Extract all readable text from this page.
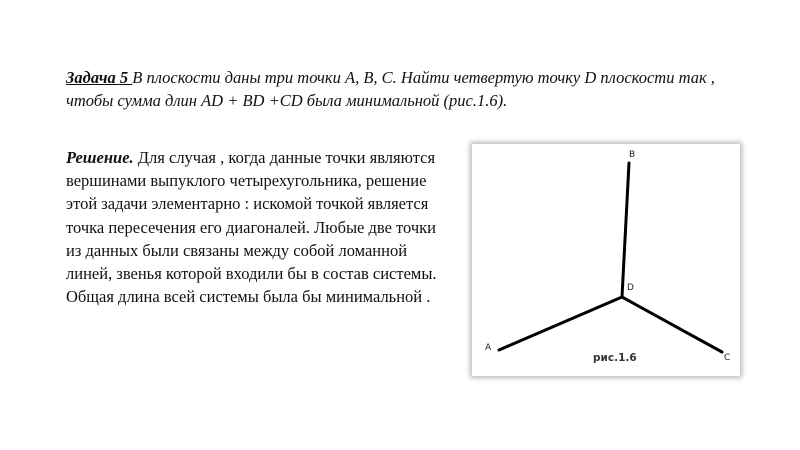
Задача 5 В плоскости даны три точки A, B, C. Найти четвертую точку D плоскости так , чтобы сумма длин AD + BD +CD была минимальной (рис.1.6).
Решение. Для случая , когда данные точки являются вершинами выпуклого четырехугольника, решение этой задачи элементарно : искомой точкой является точка пересечения его диагоналей. Любые две точки из данных были связаны между собой ломанной линей, звенья которой входили бы в состав системы. Общая длина всей системы была бы минимальной .
A
B
C
D
рис.1.6
